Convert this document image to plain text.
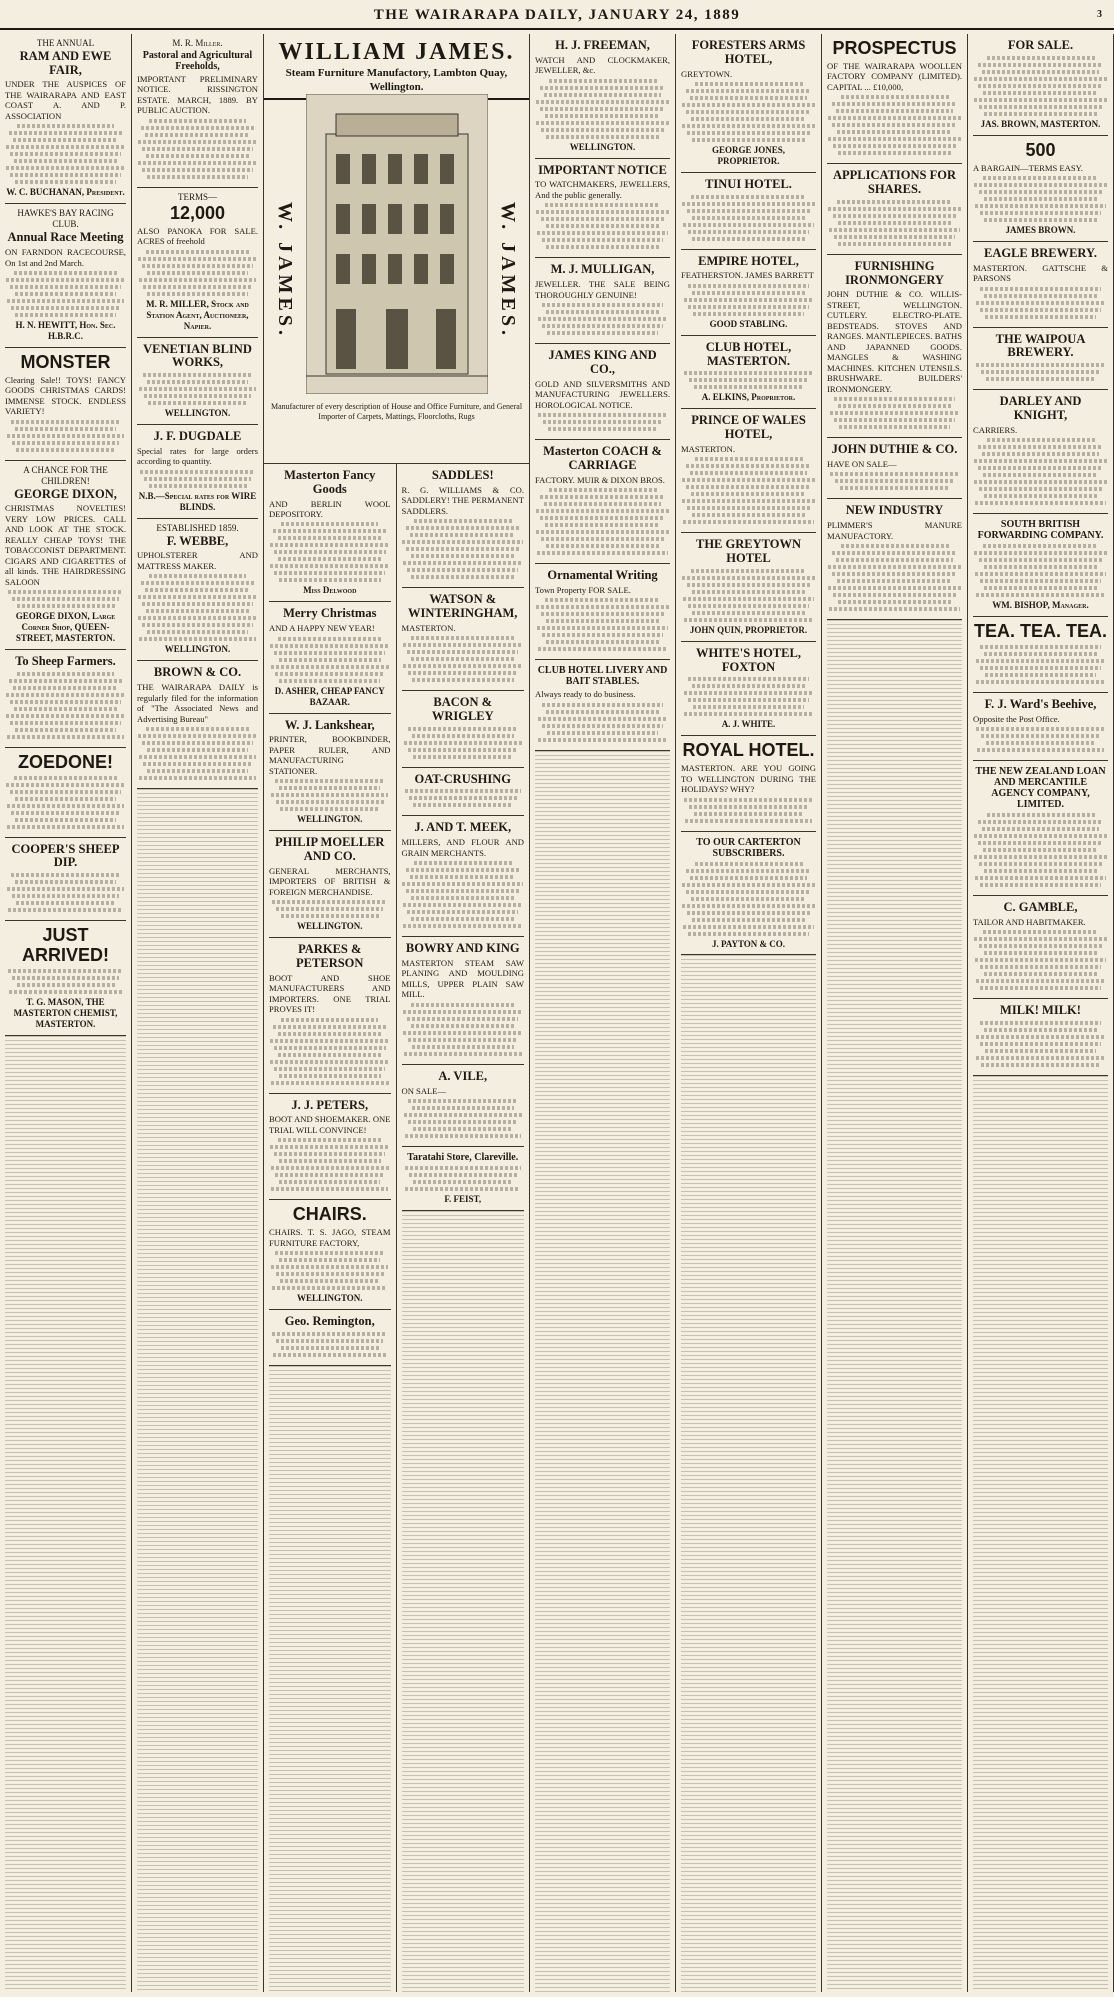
THE WAIRARAPA DAILY, JANUARY 24, 1889	3
THE ANNUAL
RAM AND EWE FAIR,

UNDER THE AUSPICES OF THE WAIRARAPA AND EAST COAST A. AND P. ASSOCIATION

W. C. BUCHANAN, President.
HAWKE'S BAY RACING CLUB.
Annual Race Meeting

ON FARNDON RACECOURSE, On 1st and 2nd March.

H. N. HEWITT, Hon. Sec. H.B.R.C.
MONSTER

Clearing Sale!! TOYS! FANCY GOODS CHRISTMAS CARDS! IMMENSE STOCK. ENDLESS VARIETY!

A CHANCE FOR THE CHILDREN!
GEORGE DIXON,

CHRISTMAS NOVELTIES! VERY LOW PRICES. CALL AND LOOK AT THE STOCK. REALLY CHEAP TOYS! THE TOBACCONIST DEPARTMENT. CIGARS AND CIGARETTES of all kinds. THE HAIRDRESSING SALOON

GEORGE DIXON, Large Corner Shop, QUEEN-STREET, MASTERTON.
To Sheep Farmers.
ZOEDONE!
COOPER'S SHEEP DIP.
JUST ARRIVED!
T. G. MASON, THE MASTERTON CHEMIST, MASTERTON.
M. R. Miller.
Pastoral and Agricultural Freeholds,

IMPORTANT PRELIMINARY NOTICE. RISSINGTON ESTATE. MARCH, 1889. BY PUBLIC AUCTION.

TERMS—
12,000

ALSO PANOKA FOR SALE. ACRES of freehold

M. R. MILLER, Stock and Station Agent, Auctioneer, Napier.
VENETIAN BLIND WORKS,
WELLINGTON.
J. F. DUGDALE

Special rates for large orders according to quantity.

N.B.—Special rates for WIRE BLINDS.
ESTABLISHED 1859.
F. WEBBE,

UPHOLSTERER AND MATTRESS MAKER.

WELLINGTON.
BROWN & CO.

THE WAIRARAPA DAILY is regularly filed for the information of "The Associated News and Advertising Bureau"

WILLIAM JAMES.
Steam Furniture Manufactory, Lambton Quay, Wellington.
W. JAMES.	W. JAMES.
Manufacturer of every description of House and Office Furniture, and General Importer of Carpets, Mattings, Floorcloths, Rugs
Masterton Fancy Goods

AND BERLIN WOOL DEPOSITORY.

Miss Delwood
Merry Christmas

AND A HAPPY NEW YEAR!

D. ASHER, CHEAP FANCY BAZAAR.
W. J. Lankshear,

PRINTER, BOOKBINDER, PAPER RULER, AND MANUFACTURING STATIONER.

WELLINGTON.
PHILIP MOELLER AND CO.

GENERAL MERCHANTS, IMPORTERS OF BRITISH & FOREIGN MERCHANDISE.

WELLINGTON.
PARKES & PETERSON

BOOT AND SHOE MANUFACTURERS AND IMPORTERS. ONE TRIAL PROVES IT!

J. J. PETERS,

BOOT AND SHOEMAKER. ONE TRIAL WILL CONVINCE!

CHAIRS.

CHAIRS. T. S. JAGO, STEAM FURNITURE FACTORY,

WELLINGTON.
Geo. Remington,
SADDLES!

R. G. WILLIAMS & CO. SADDLERY! THE PERMANENT SADDLERS.

WATSON & WINTERINGHAM,

MASTERTON.

BACON & WRIGLEY
OAT-CRUSHING
J. AND T. MEEK,

MILLERS, AND FLOUR AND GRAIN MERCHANTS.

BOWRY AND KING

MASTERTON STEAM SAW PLANING AND MOULDING MILLS, UPPER PLAIN SAW MILL.

A. VILE,

ON SALE—

Taratahi Store, Clareville.
F. FEIST,
H. J. FREEMAN,

WATCH AND CLOCKMAKER, JEWELLER, &c.

WELLINGTON.
IMPORTANT NOTICE

TO WATCHMAKERS, JEWELLERS, And the public generally.

M. J. MULLIGAN,

JEWELLER. THE SALE BEING THOROUGHLY GENUINE!

JAMES KING AND CO.,

GOLD AND SILVERSMITHS AND MANUFACTURING JEWELLERS. HOROLOGICAL NOTICE.

Masterton COACH & CARRIAGE

FACTORY. MUIR & DIXON BROS.

Ornamental Writing

Town Property FOR SALE.

CLUB HOTEL LIVERY AND BAIT STABLES.

Always ready to do business.

FORESTERS ARMS HOTEL,

GREYTOWN.

GEORGE JONES, PROPRIETOR.
TINUI HOTEL.
EMPIRE HOTEL,

FEATHERSTON. JAMES BARRETT

GOOD STABLING.
CLUB HOTEL, MASTERTON.
A. ELKINS, Proprietor.
PRINCE OF WALES HOTEL,

MASTERTON.

THE GREYTOWN HOTEL
JOHN QUIN, PROPRIETOR.
WHITE'S HOTEL, FOXTON
A. J. WHITE.
ROYAL HOTEL.

MASTERTON. ARE YOU GOING TO WELLINGTON DURING THE HOLIDAYS? WHY?

TO OUR CARTERTON SUBSCRIBERS.
J. PAYTON & CO.
PROSPECTUS

OF THE WAIRARAPA WOOLLEN FACTORY COMPANY (LIMITED). CAPITAL ... £10,000,

APPLICATIONS FOR SHARES.
FURNISHING IRONMONGERY

JOHN DUTHIE & CO. WILLIS-STREET, WELLINGTON. CUTLERY. ELECTRO-PLATE. BEDSTEADS. STOVES AND RANGES. MANTLEPIECES. BATHS AND JAPANNED GOODS. MANGLES & WASHING MACHINES. KITCHEN UTENSILS. BRUSHWARE. BUILDERS' IRONMONGERY.

JOHN DUTHIE & CO.

HAVE ON SALE—

NEW INDUSTRY

PLIMMER'S MANURE MANUFACTORY.

FOR SALE.
JAS. BROWN, MASTERTON.
500

A BARGAIN—TERMS EASY.

JAMES BROWN.
EAGLE BREWERY.

MASTERTON. GATTSCHE & PARSONS

THE WAIPOUA BREWERY.
DARLEY AND KNIGHT,

CARRIERS.

SOUTH BRITISH FORWARDING COMPANY.
WM. BISHOP, Manager.
TEA. TEA. TEA.
F. J. Ward's Beehive,

Opposite the Post Office.

THE NEW ZEALAND LOAN AND MERCANTILE AGENCY COMPANY, LIMITED.
C. GAMBLE,

TAILOR AND HABITMAKER.

MILK! MILK!
